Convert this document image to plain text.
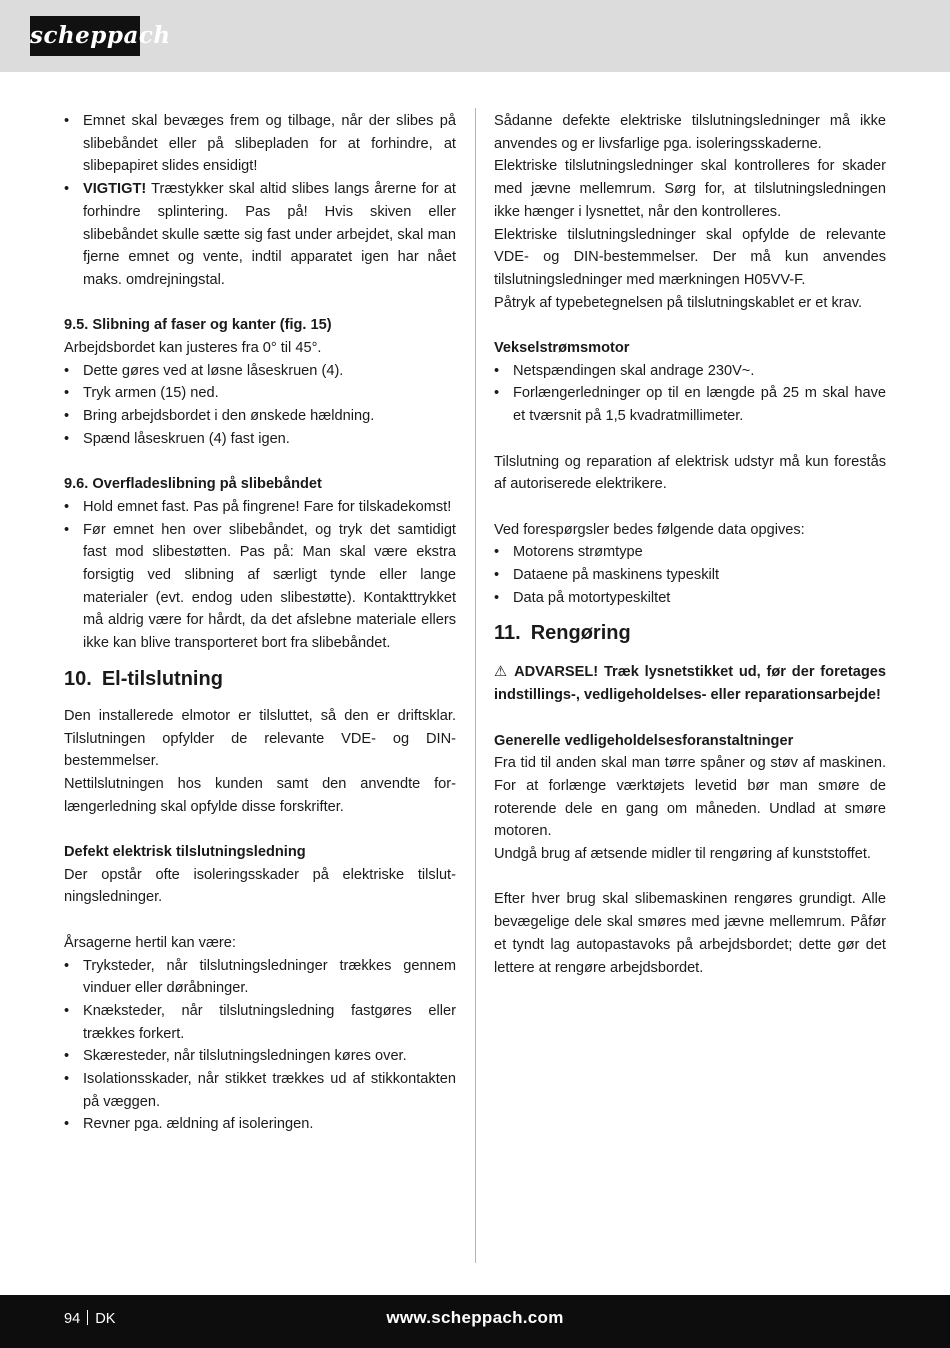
scheppach
• Emnet skal bevæges frem og tilbage, når der slibes på slibebåndet eller på slibepladen for at forhindre, at slibepapiret slides ensidigt!
• VIGTIGT! Træstykker skal altid slibes langs årerne for at forhindre splintering. Pas på! Hvis skiven eller slibebåndet skulle sætte sig fast under arbejdet, skal man fjerne emnet og vente, indtil apparatet igen har nået maks. omdrejningstal.

9.5. Slibning af faser og kanter (fig. 15)

Arbejdsbordet kan justeres fra 0° til 45°.

• Dette gøres ved at løsne låseskruen (4).
• Tryk armen (15) ned.
• Bring arbejdsbordet i den ønskede hældning.
• Spænd låseskruen (4) fast igen.

9.6. Overfladeslibning på slibebåndet

• Hold emnet fast. Pas på fingrene! Fare for tilskadekomst!
• Før emnet hen over slibebåndet, og tryk det samtidigt fast mod slibestøtten. Pas på: Man skal være ekstra forsigtig ved slibning af særligt tynde eller lange materialer (evt. endog uden slibestøtte). Kontakttrykket må aldrig være for hårdt, da det afslebne materiale ellers ikke kan blive transporteret bort fra slibebåndet.
10. El-tilslutning

Den installerede elmotor er tilsluttet, så den er driftsklar. Tilslutningen opfylder de relevante VDE- og DIN-bestemmelser.

Nettilslutningen hos kunden samt den anvendte forlængerledning skal opfylde disse forskrifter.

Defekt elektrisk tilslutningsledning

Der opstår ofte isoleringsskader på elektriske tilslutningsledninger.

Årsagerne hertil kan være:

• Tryksteder, når tilslutningsledninger trækkes gennem vinduer eller døråbninger.
• Knæksteder, når tilslutningsledning fastgøres eller trækkes forkert.
• Skæresteder, når tilslutningsledningen køres over.
• Isolationsskader, når stikket trækkes ud af stikkontakten på væggen.
• Revner pga. ældning af isoleringen.

Sådanne defekte elektriske tilslutningsledninger må ikke anvendes og er livsfarlige pga. isoleringsskaderne.

Elektriske tilslutningsledninger skal kontrolleres for skader med jævne mellemrum. Sørg for, at tilslutningsledningen ikke hænger i lysnettet, når den kontrolleres.

Elektriske tilslutningsledninger skal opfylde de relevante VDE- og DIN-bestemmelser. Der må kun anvendes tilslutningsledninger med mærkningen H05VV-F.

Påtryk af typebetegnelsen på tilslutningskablet er et krav.

Vekselstrømsmotor

• Netspændingen skal andrage 230V~.
• Forlængerledninger op til en længde på 25 m skal have et tværsnit på 1,5 kvadratmillimeter.

Tilslutning og reparation af elektrisk udstyr må kun forestås af autoriserede elektrikere.

Ved forespørgsler bedes følgende data opgives:

• Motorens strømtype
• Dataene på maskinens typeskilt
• Data på motortypeskiltet
11. Rengøring

⚠ ADVARSEL! Træk lysnetstikket ud, før der foretages indstillings-, vedligeholdelses- eller reparationsarbejde!

Generelle vedligeholdelsesforanstaltninger

Fra tid til anden skal man tørre spåner og støv af maskinen. For at forlænge værktøjets levetid bør man smøre de roterende dele en gang om måneden. Undlad at smøre motoren.

Undgå brug af ætsende midler til rengøring af kunststoffet.

Efter hver brug skal slibemaskinen rengøres grundigt. Alle bevægelige dele skal smøres med jævne mellemrum. Påfør et tyndt lag autopastavoks på arbejdsbordet; dette gør det lettere at rengøre arbejdsbordet.

94 DK	www.scheppach.com
